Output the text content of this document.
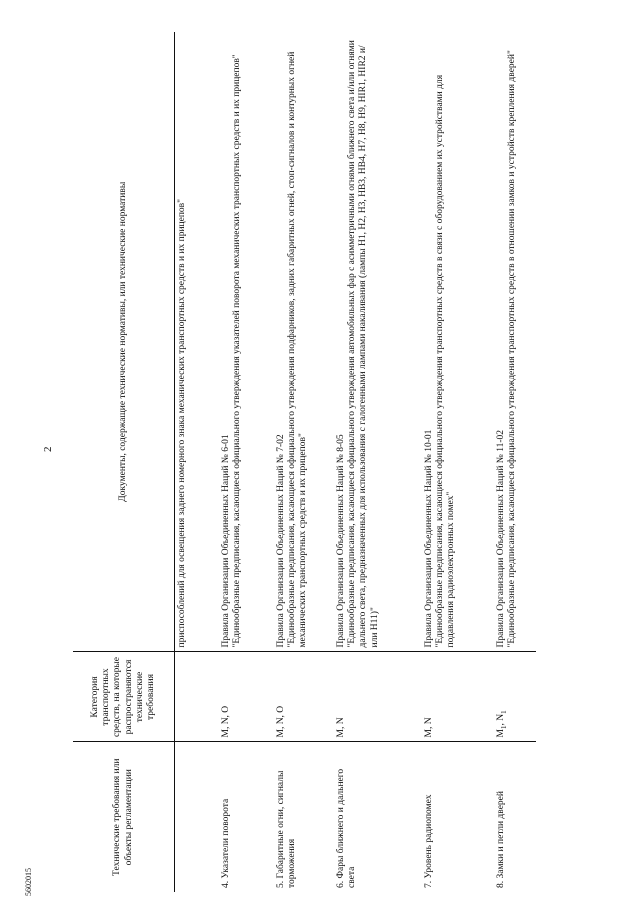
2
5602015
Технические требования или объекты регламентации	Категория транспортных средств, на которые распространяются технические требования	Документы, содержащие технические нормативы, или технические нормативы
		приспособлений для освещения заднего номерного знака механических транспортных средств и их прицепов"
4. Указатели поворота	M, N, O	Правила Организации Объединенных Наций № 6-01 "Единообразные предписания, касающиеся официального утверждения указателей поворота механических транспортных средств и их прицепов"

5. Габаритные огни, сигналы торможения	M, N, O	Правила Организации Объединенных Наций № 7-02 "Единообразные предписания, касающиеся официального утверждения подфарников, задних габаритных огней, стоп-сигналов и контурных огней механических транспортных средств и их прицепов"

6. Фары ближнего и дальнего света	M, N	Правила Организации Объединенных Наций № 8-05 "Единообразные предписания, касающиеся официального утверждения автомобильных фар с асимметричными огнями ближнего света и/или огнями дальнего света, предназначенных для использования с галогенными лампами накаливания (лампы H1, H2, H3, HB3, HB4, H7, H8, H9, HIR1, HIR2 и/или H11)"

7. Уровень радиопомех	M, N	Правила Организации Объединенных Наций № 10-01 "Единообразные предписания, касающиеся официального утверждения транспортных средств в связи с оборудованием их устройствами для подавления радиоэлектронных помех"

8. Замки и петли дверей	$M_1$, $N_1$	Правила Организации Объединенных Наций № 11-02 "Единообразные предписания, касающиеся официального утверждения транспортных средств в отношении замков и устройств крепления дверей"
